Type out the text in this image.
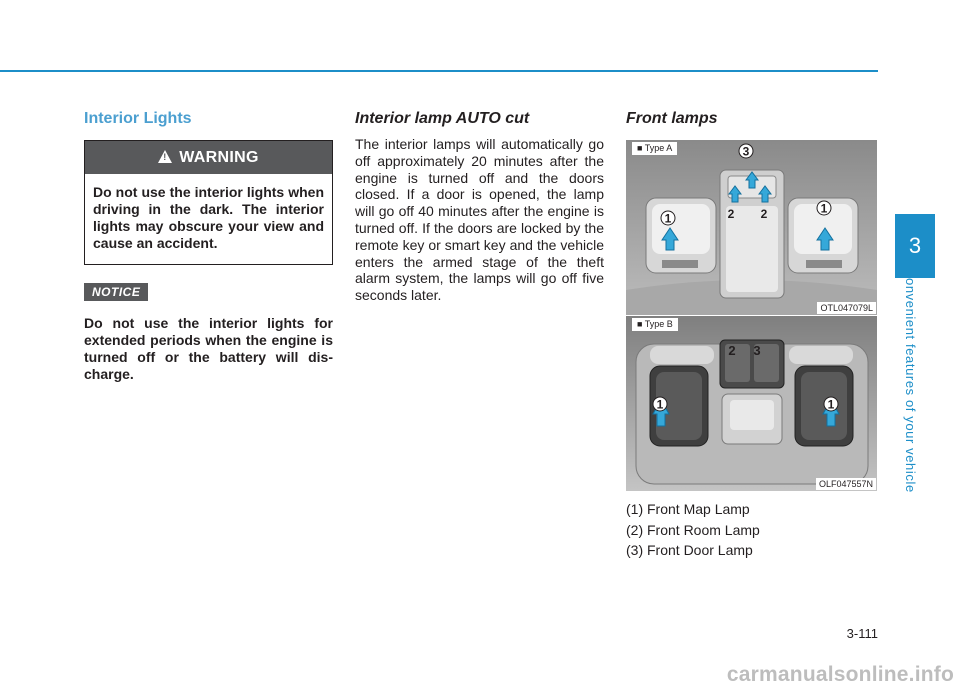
3
Convenient features of your vehicle
Interior Lights
!
WARNING
Do not use the interior lights when driving in the dark. The interior lights may obscure your view and cause an accident.
NOTICE
Do not use the interior lights for extended periods when the engine is turned off or the battery will dis-charge.
Interior lamp AUTO cut
The interior lamps will automatically go off approximately 20 minutes after the engine is turned off and the doors closed. If a door is opened, the lamp will go off 40 minutes after the engine is turned off. If the doors are locked by the remote key or smart key and the vehicle enters the armed stage of the theft alarm system, the lamps will go off five seconds later.
Front lamps
3
2 2
1
1
■ Type A
OTL047079L
2 3
1	1
■ Type B
OLF047557N
(1) Front Map Lamp
(2) Front Room Lamp
(3) Front Door Lamp
3-111
carmanualsonline.info
